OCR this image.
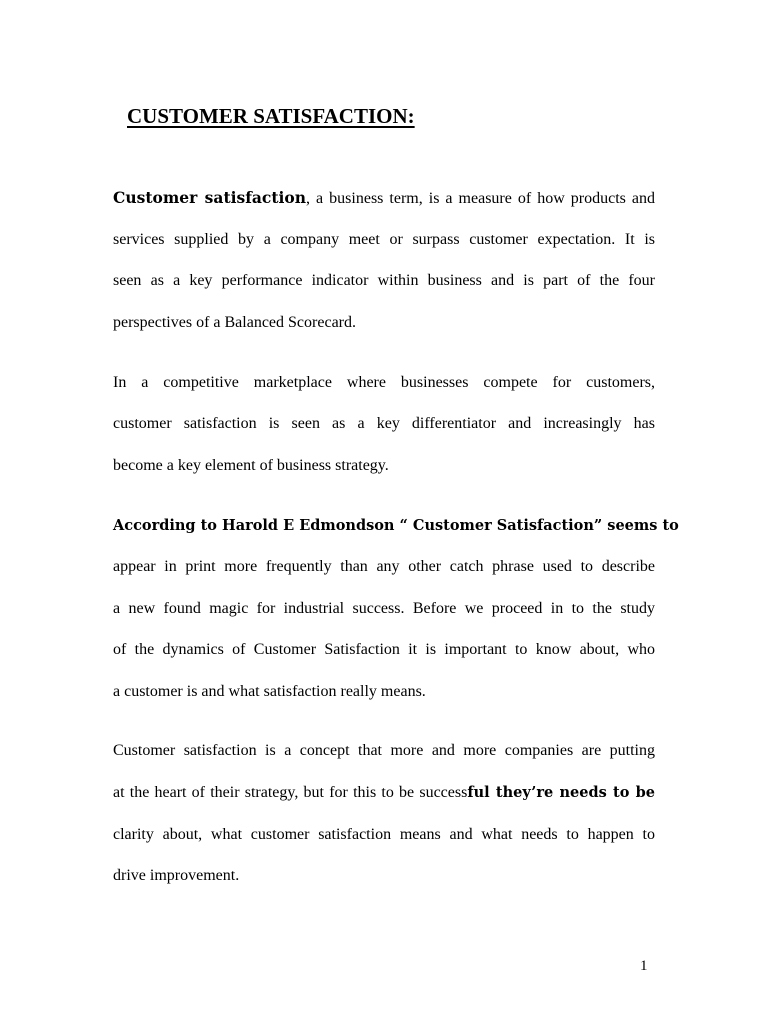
CUSTOMER SATISFACTION:

Customer satisfaction, a business term, is a measure of how products and

services supplied by a company meet or surpass customer expectation. It is

seen as a key performance indicator within business and is part of the four

perspectives of a Balanced Scorecard.

In a competitive marketplace where businesses compete for customers,

customer satisfaction is seen as a key differentiator and increasingly has

become a key element of business strategy.

According to Harold E Edmondson “ Customer Satisfaction” seems to

appear in print more frequently than any other catch phrase used to describe

a new found magic for industrial success. Before we proceed in to the study

of the dynamics of Customer Satisfaction it is important to know about, who

a customer is and what satisfaction really means.

Customer satisfaction is a concept that more and more companies are putting

at the heart of their strategy, but for this to be successful they’re needs to be

clarity about, what customer satisfaction means and what needs to happen to

drive improvement.

1
